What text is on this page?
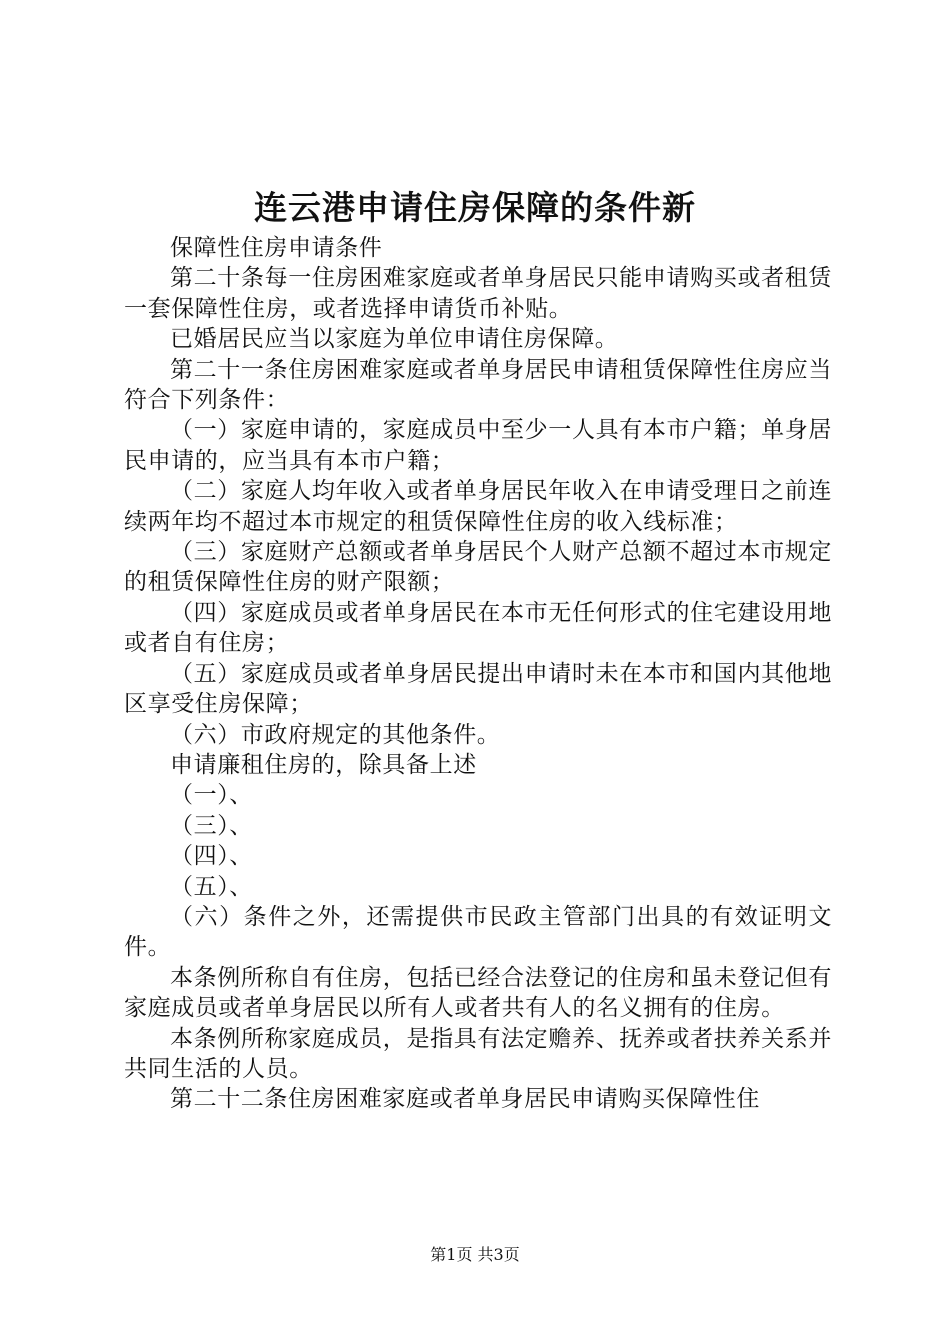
连云港申请住房保障的条件新

保障性住房申请条件

第二十条每一住房困难家庭或者单身居民只能申请购买或者租赁一套保障性住房，或者选择申请货币补贴。

已婚居民应当以家庭为单位申请住房保障。

第二十一条住房困难家庭或者单身居民申请租赁保障性住房应当符合下列条件：

（一）家庭申请的，家庭成员中至少一人具有本市户籍；单身居民申请的，应当具有本市户籍；

（二）家庭人均年收入或者单身居民年收入在申请受理日之前连续两年均不超过本市规定的租赁保障性住房的收入线标准；

（三）家庭财产总额或者单身居民个人财产总额不超过本市规定的租赁保障性住房的财产限额；

（四）家庭成员或者单身居民在本市无任何形式的住宅建设用地或者自有住房；

（五）家庭成员或者单身居民提出申请时未在本市和国内其他地区享受住房保障；

（六）市政府规定的其他条件。

申请廉租住房的，除具备上述

（一）、

（三）、

（四）、

（五）、

（六）条件之外，还需提供市民政主管部门出具的有效证明文件。

本条例所称自有住房，包括已经合法登记的住房和虽未登记但有家庭成员或者单身居民以所有人或者共有人的名义拥有的住房。

本条例所称家庭成员，是指具有法定赡养、抚养或者扶养关系并共同生活的人员。

第二十二条住房困难家庭或者单身居民申请购买保障性住

第1页 共3页
